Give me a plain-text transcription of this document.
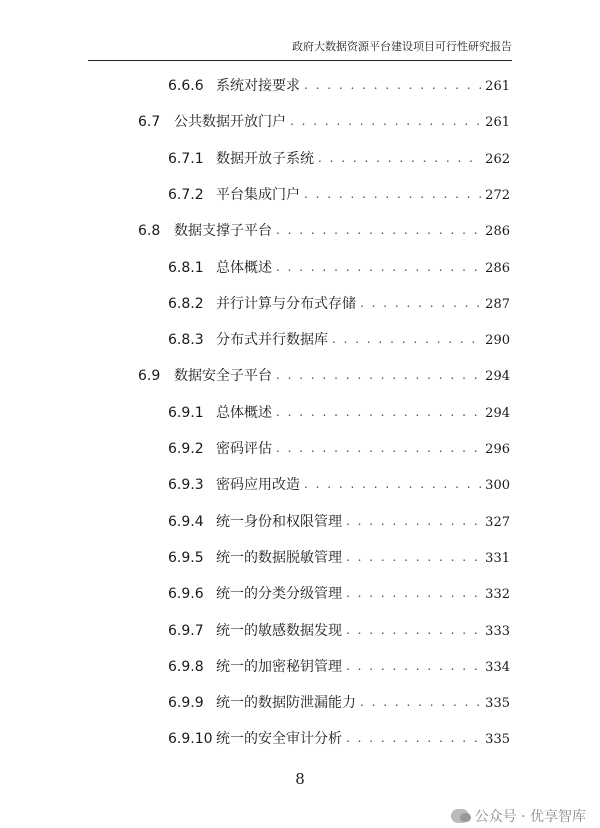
政府大数据资源平台建设项目可行性研究报告
6.6.6 系统对接要求 . . .	261
6.7 公共数据开放门户 . . .	261
6.7.1 数据开放子系统 . . .	262
6.7.2 平台集成门户 . . .	272
6.8 数据支撑子平台 . . .	286
6.8.1 总体概述 . . .	286
6.8.2 并行计算与分布式存储 . . .	287
6.8.3 分布式并行数据库 . . .	290
6.9 数据安全子平台 . . .	294
6.9.1 总体概述 . . .	294
6.9.2 密码评估 . . .	296
6.9.3 密码应用改造 . . .	300
6.9.4 统一身份和权限管理 . . .	327
6.9.5 统一的数据脱敏管理 . . .	331
6.9.6 统一的分类分级管理 . . .	332
6.9.7 统一的敏感数据发现 . . .	333
6.9.8 统一的加密秘钥管理 . . .	334
6.9.9 统一的数据防泄漏能力 . . .	335
6.9.10 统一的安全审计分析 . . .	335
8
公众号 · 优享智库
